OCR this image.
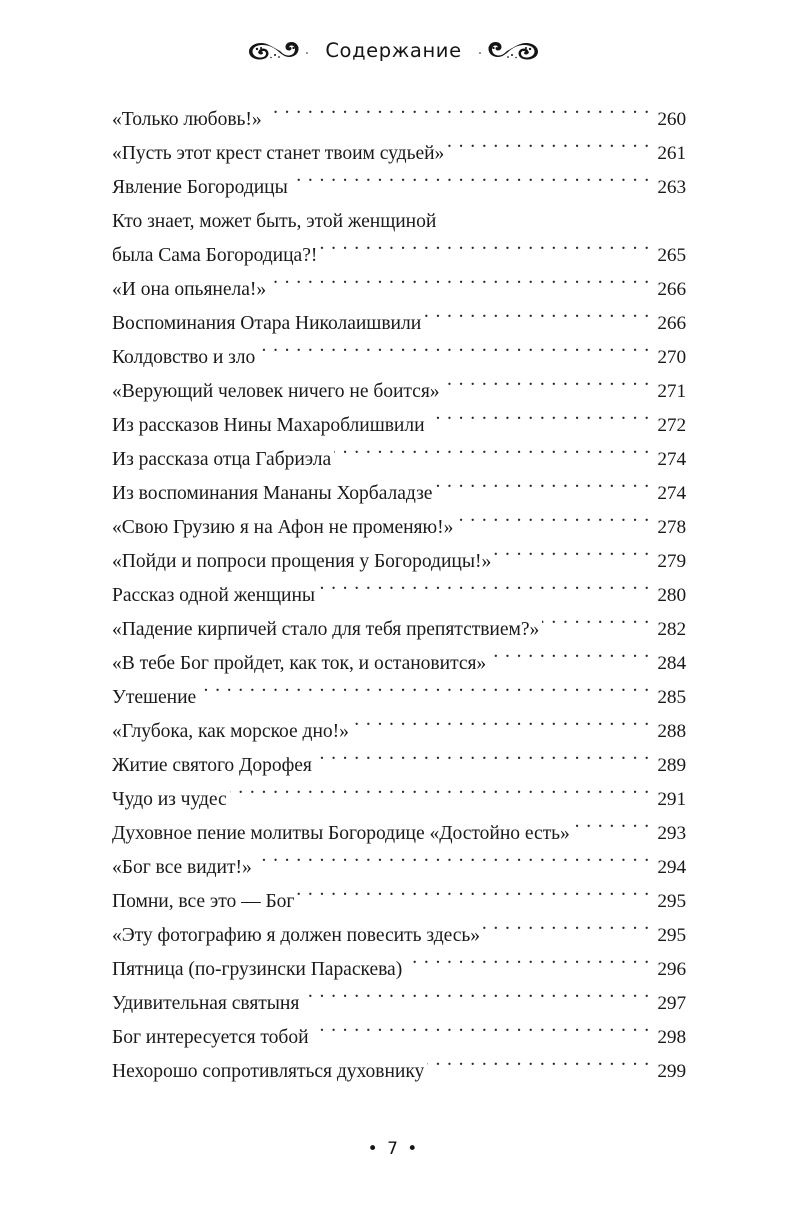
Содержание
«Только любовь!» . . .	260
«Пусть этот крест станет твоим судьей» . . .	261
Явление Богородицы . . .	263
Кто знает, может быть, этой женщиной
была Сама Богородица?! . . .	265
«И она опьянела!» . . .	266
Воспоминания Отара Николаишвили . . .	266
Колдовство и зло . . .	270
«Верующий человек ничего не боится» . . .	271
Из рассказов Нины Махароблишвили . . .	272
Из рассказа отца Габриэла . . .	274
Из воспоминания Мананы Хорбаладзе . . .	274
«Свою Грузию я на Афон не променяю!» . . .	278
«Пойди и попроси прощения у Богородицы!» . . .	279
Рассказ одной женщины . . .	280
«Падение кирпичей стало для тебя препятствием?» . . .	282
«В тебе Бог пройдет, как ток, и остановится» . . .	284
Утешение . . .	285
«Глубока, как морское дно!» . . .	288
Житие святого Дорофея . . .	289
Чудо из чудес . . .	291
Духовное пение молитвы Богородице «Достойно есть» . . .	293
«Бог все видит!» . . .	294
Помни, все это — Бог . . .	295
«Эту фотографию я должен повесить здесь» . . .	295
Пятница (по-грузински Параскева) . . .	296
Удивительная святыня . . .	297
Бог интересуется тобой . . .	298
Нехорошо сопротивляться духовнику . . .	299
• 7 •
